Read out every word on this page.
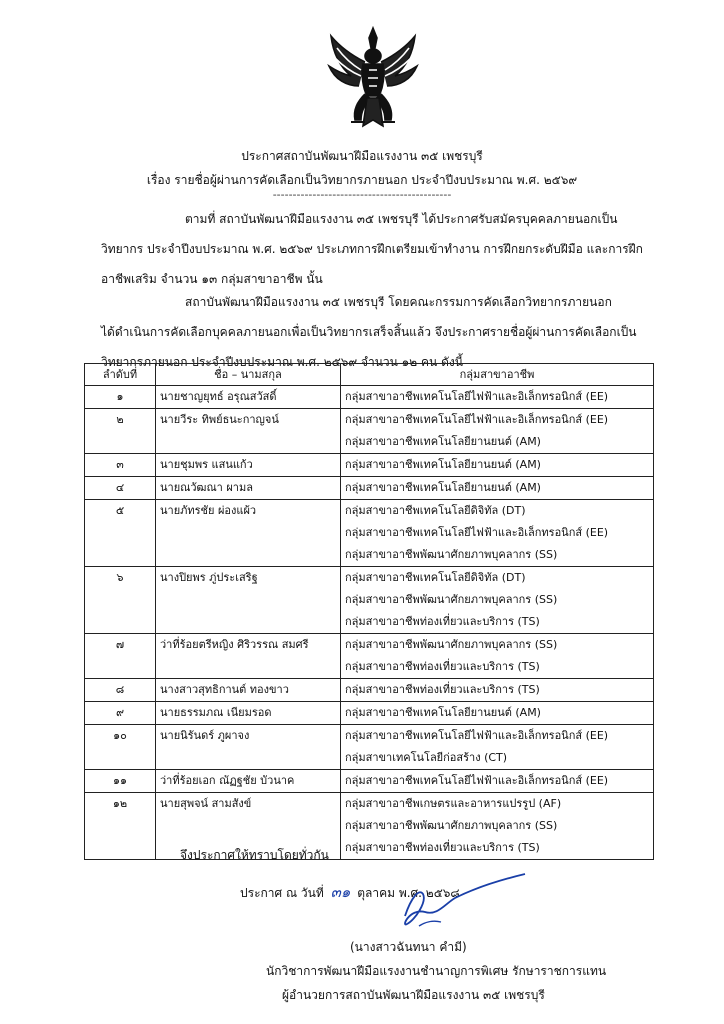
ประกาศสถาบันพัฒนาฝีมือแรงงาน ๓๕ เพชรบุรี
เรื่อง รายชื่อผู้ผ่านการคัดเลือกเป็นวิทยากรภายนอก ประจำปีงบประมาณ พ.ศ. ๒๕๖๙
---------------------------------------------
ตามที่ สถาบันพัฒนาฝีมือแรงงาน ๓๕ เพชรบุรี ได้ประกาศรับสมัครบุคคลภายนอกเป็น
วิทยากร ประจำปีงบประมาณ พ.ศ. ๒๕๖๙ ประเภทการฝึกเตรียมเข้าทำงาน การฝึกยกระดับฝีมือ และการฝึก
อาชีพเสริม จำนวน ๑๓ กลุ่มสาขาอาชีพ นั้น
สถาบันพัฒนาฝีมือแรงงาน ๓๕ เพชรบุรี โดยคณะกรรมการคัดเลือกวิทยากรภายนอก
ได้ดำเนินการคัดเลือกบุคคลภายนอกเพื่อเป็นวิทยากรเสร็จสิ้นแล้ว จึงประกาศรายชื่อผู้ผ่านการคัดเลือกเป็น
วิทยากรภายนอก ประจำปีงบประมาณ พ.ศ. ๒๕๖๙ จำนวน ๑๒ คน ดังนี้
ลำดับที่	ชื่อ – นามสกุล	กลุ่มสาขาอาชีพ
๑	นายชาญยุทธ์ อรุณสวัสดิ์	กลุ่มสาขาอาชีพเทคโนโลยีไฟฟ้าและอิเล็กทรอนิกส์ (EE)

๒	นายวีระ ทิพย์ธนะกาญจน์	กลุ่มสาขาอาชีพเทคโนโลยีไฟฟ้าและอิเล็กทรอนิกส์ (EE)
กลุ่มสาขาอาชีพเทคโนโลยียานยนต์ (AM)

๓	นายชุมพร แสนแก้ว	กลุ่มสาขาอาชีพเทคโนโลยียานยนต์ (AM)

๔	นายณวัฒณา ผามล	กลุ่มสาขาอาชีพเทคโนโลยียานยนต์ (AM)

๕	นายภัทรชัย ผ่องแผ้ว	กลุ่มสาขาอาชีพเทคโนโลยีดิจิทัล (DT)
กลุ่มสาขาอาชีพเทคโนโลยีไฟฟ้าและอิเล็กทรอนิกส์ (EE)
กลุ่มสาขาอาชีพพัฒนาศักยภาพบุคลากร (SS)

๖	นางปิยพร ภู่ประเสริฐ	กลุ่มสาขาอาชีพเทคโนโลยีดิจิทัล (DT)
กลุ่มสาขาอาชีพพัฒนาศักยภาพบุคลากร (SS)
กลุ่มสาขาอาชีพท่องเที่ยวและบริการ (TS)

๗	ว่าที่ร้อยตรีหญิง ศิริวรรณ สมศรี	กลุ่มสาขาอาชีพพัฒนาศักยภาพบุคลากร (SS)
กลุ่มสาขาอาชีพท่องเที่ยวและบริการ (TS)

๘	นางสาวสุทธิกานต์ ทองขาว	กลุ่มสาขาอาชีพท่องเที่ยวและบริการ (TS)

๙	นายธรรมภณ เนียมรอด	กลุ่มสาขาอาชีพเทคโนโลยียานยนต์ (AM)

๑๐	นายนิรันดร์ ภูผาจง	กลุ่มสาขาอาชีพเทคโนโลยีไฟฟ้าและอิเล็กทรอนิกส์ (EE)
กลุ่มสาขาเทคโนโลยีก่อสร้าง (CT)

๑๑	ว่าที่ร้อยเอก ณัฏฐชัย บัวนาค	กลุ่มสาขาอาชีพเทคโนโลยีไฟฟ้าและอิเล็กทรอนิกส์ (EE)

๑๒	นายสุพจน์ สามสังข์	กลุ่มสาขาอาชีพเกษตรและอาหารแปรรูป (AF)
กลุ่มสาขาอาชีพพัฒนาศักยภาพบุคลากร (SS)
กลุ่มสาขาอาชีพท่องเที่ยวและบริการ (TS)
จึงประกาศให้ทราบโดยทั่วกัน
ประกาศ ณ วันที่ ๓๑ ตุลาคม พ.ศ. ๒๕๖๘
(นางสาวฉันทนา คำมี)
นักวิชาการพัฒนาฝีมือแรงงานชำนาญการพิเศษ รักษาราชการแทน
ผู้อำนวยการสถาบันพัฒนาฝีมือแรงงาน ๓๕ เพชรบุรี
